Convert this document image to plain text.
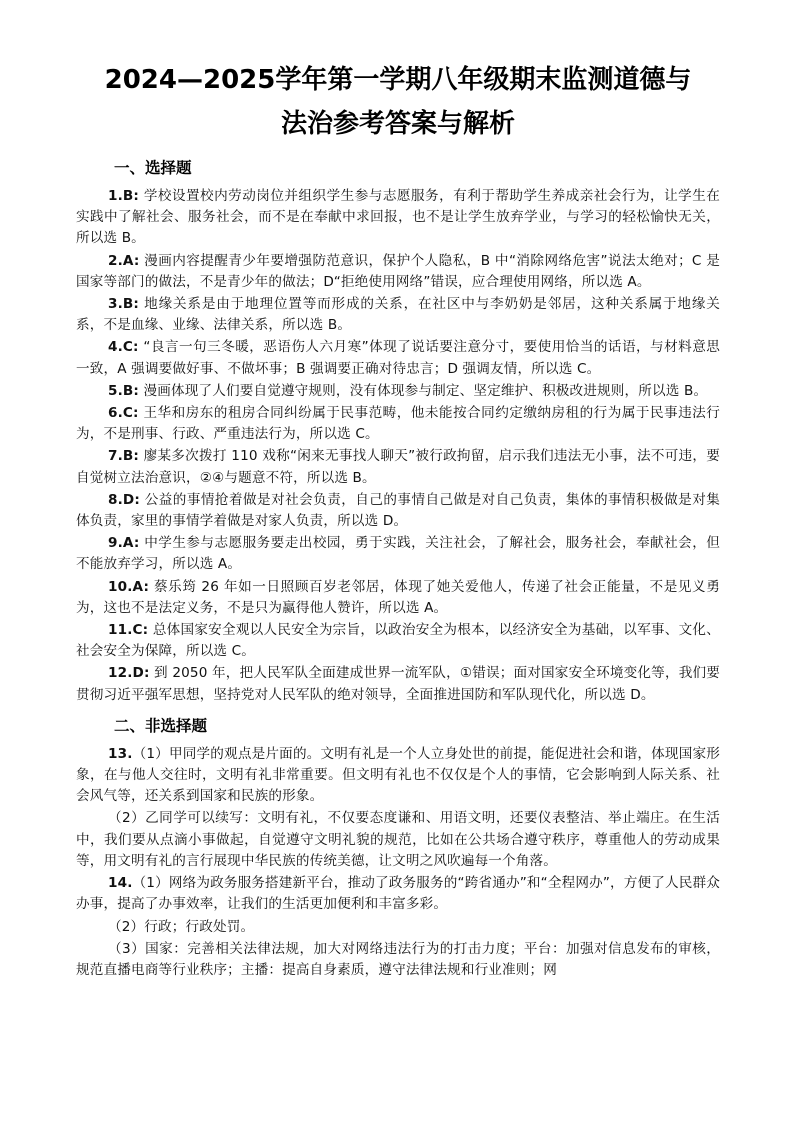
2024—2025学年第一学期八年级期末监测道德与
法治参考答案与解析
一、选择题

1.B: 学校设置校内劳动岗位并组织学生参与志愿服务，有利于帮助学生养成亲社会行为，让学生在实践中了解社会、服务社会，而不是在奉献中求回报，也不是让学生放弃学业，与学习的轻松愉快无关，所以选 B。

2.A: 漫画内容提醒青少年要增强防范意识，保护个人隐私，B 中“消除网络危害”说法太绝对；C 是国家等部门的做法，不是青少年的做法；D“拒绝使用网络”错误，应合理使用网络，所以选 A。

3.B: 地缘关系是由于地理位置等而形成的关系，在社区中与李奶奶是邻居，这种关系属于地缘关系，不是血缘、业缘、法律关系，所以选 B。

4.C: “良言一句三冬暖，恶语伤人六月寒”体现了说话要注意分寸，要使用恰当的话语，与材料意思一致，A 强调要做好事、不做坏事；B 强调要正确对待忠言；D 强调友情，所以选 C。

5.B: 漫画体现了人们要自觉遵守规则，没有体现参与制定、坚定维护、积极改进规则，所以选 B。

6.C: 王华和房东的租房合同纠纷属于民事范畴，他未能按合同约定缴纳房租的行为属于民事违法行为，不是刑事、行政、严重违法行为，所以选 C。

7.B: 廖某多次拨打 110 戏称“闲来无事找人聊天”被行政拘留，启示我们违法无小事，法不可违，要自觉树立法治意识，②④与题意不符，所以选 B。

8.D: 公益的事情抢着做是对社会负责，自己的事情自己做是对自己负责，集体的事情积极做是对集体负责，家里的事情学着做是对家人负责，所以选 D。

9.A: 中学生参与志愿服务要走出校园，勇于实践，关注社会，了解社会，服务社会，奉献社会，但不能放弃学习，所以选 A。

10.A: 蔡乐筠 26 年如一日照顾百岁老邻居，体现了她关爱他人，传递了社会正能量，不是见义勇为，这也不是法定义务，不是只为赢得他人赞许，所以选 A。

11.C: 总体国家安全观以人民安全为宗旨，以政治安全为根本，以经济安全为基础，以军事、文化、社会安全为保障，所以选 C。

12.D: 到 2050 年，把人民军队全面建成世界一流军队，①错误；面对国家安全环境变化等，我们要贯彻习近平强军思想，坚持党对人民军队的绝对领导，全面推进国防和军队现代化，所以选 D。

二、非选择题

13.（1）甲同学的观点是片面的。文明有礼是一个人立身处世的前提，能促进社会和谐，体现国家形象，在与他人交往时，文明有礼非常重要。但文明有礼也不仅仅是个人的事情，它会影响到人际关系、社会风气等，还关系到国家和民族的形象。

（2）乙同学可以续写：文明有礼，不仅要态度谦和、用语文明，还要仪表整洁、举止端庄。在生活中，我们要从点滴小事做起，自觉遵守文明礼貌的规范，比如在公共场合遵守秩序，尊重他人的劳动成果等，用文明有礼的言行展现中华民族的传统美德，让文明之风吹遍每一个角落。

14.（1）网络为政务服务搭建新平台，推动了政务服务的“跨省通办”和“全程网办”，方便了人民群众办事，提高了办事效率，让我们的生活更加便利和丰富多彩。

（2）行政；行政处罚。

（3）国家：完善相关法律法规，加大对网络违法行为的打击力度；平台：加强对信息发布的审核，规范直播电商等行业秩序；主播：提高自身素质，遵守法律法规和行业准则；网
